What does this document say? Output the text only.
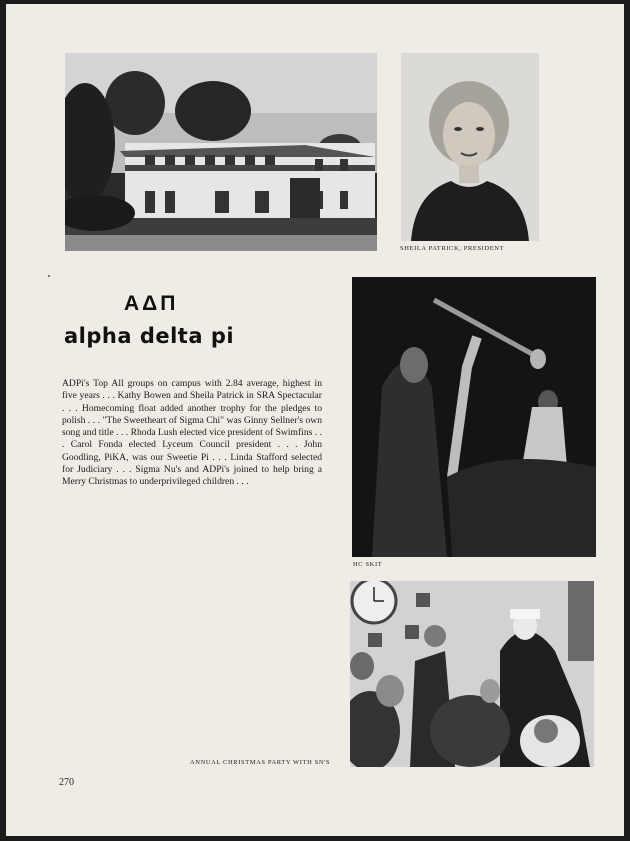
SHEILA PATRICK, PRESIDENT
ΑΔΠ
alpha delta pi
ADPi's Top All groups on campus with 2.84 average, highest in five years . . . Kathy Bowen and Sheila Patrick in SRA Spectacular . . . Homecoming float added another trophy for the pledges to polish . . . "The Sweetheart of Sigma Chi" was Ginny Sellner's own song and title . . . Rhoda Lush elected vice president of Swimfins . . . Carol Fonda elected Lyceum Council president . . . John Goodling, PiKA, was our Sweetie Pi . . . Linda Stafford selected for Judiciary . . . Sigma Nu's and ADPi's joined to help bring a Merry Christmas to underprivileged children . . .
HC SKIT
ANNUAL CHRISTMAS PARTY WITH SN'S
270
